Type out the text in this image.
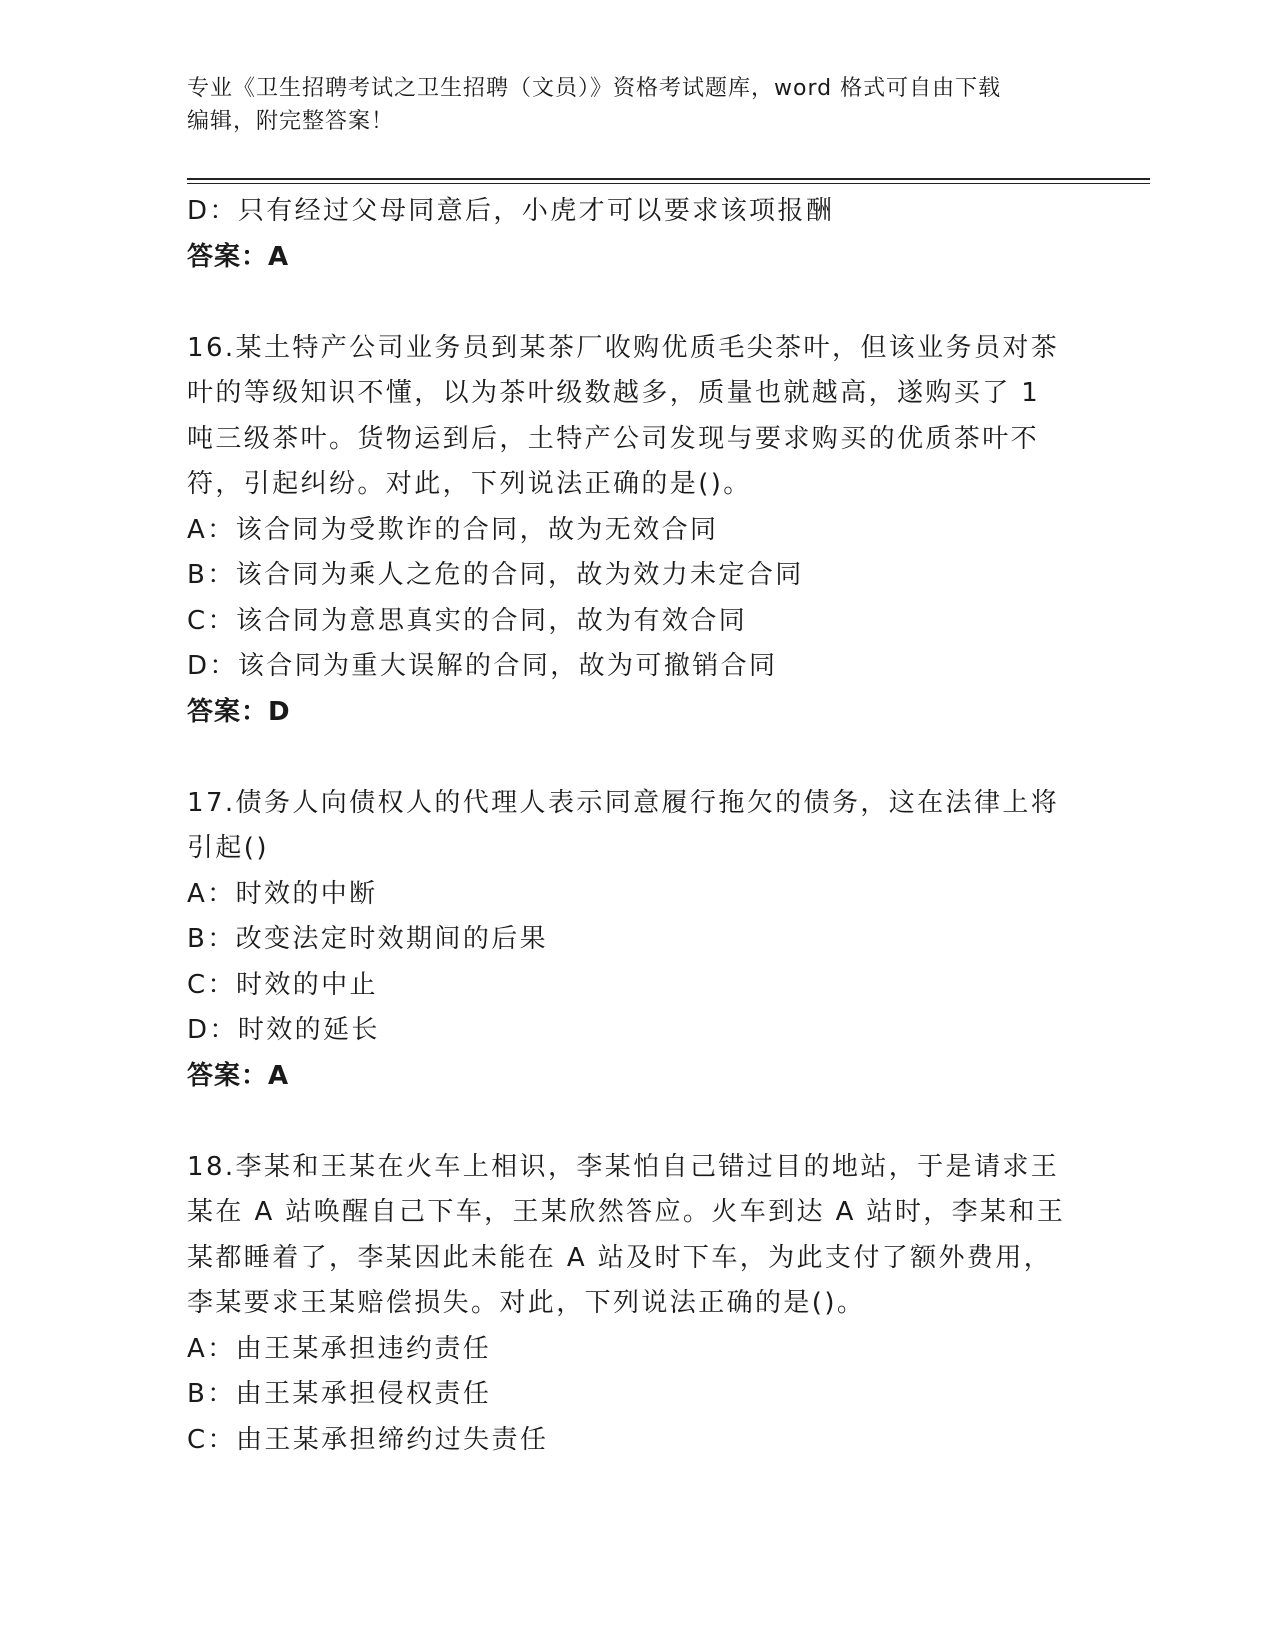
专业《卫生招聘考试之卫生招聘（文员）》资格考试题库，word 格式可自由下载
编辑，附完整答案！
D：只有经过父母同意后，小虎才可以要求该项报酬
答案：A
16.某土特产公司业务员到某茶厂收购优质毛尖茶叶，但该业务员对茶
叶的等级知识不懂，以为茶叶级数越多，质量也就越高，遂购买了 1
吨三级茶叶。货物运到后，土特产公司发现与要求购买的优质茶叶不
符，引起纠纷。对此，下列说法正确的是()。
A：该合同为受欺诈的合同，故为无效合同
B：该合同为乘人之危的合同，故为效力未定合同
C：该合同为意思真实的合同，故为有效合同
D：该合同为重大误解的合同，故为可撤销合同
答案：D
17.债务人向债权人的代理人表示同意履行拖欠的债务，这在法律上将
引起()
A：时效的中断
B：改变法定时效期间的后果
C：时效的中止
D：时效的延长
答案：A
18.李某和王某在火车上相识，李某怕自己错过目的地站，于是请求王
某在 A 站唤醒自己下车，王某欣然答应。火车到达 A 站时，李某和王
某都睡着了，李某因此未能在 A 站及时下车，为此支付了额外费用，
李某要求王某赔偿损失。对此，下列说法正确的是()。
A：由王某承担违约责任
B：由王某承担侵权责任
C：由王某承担缔约过失责任
